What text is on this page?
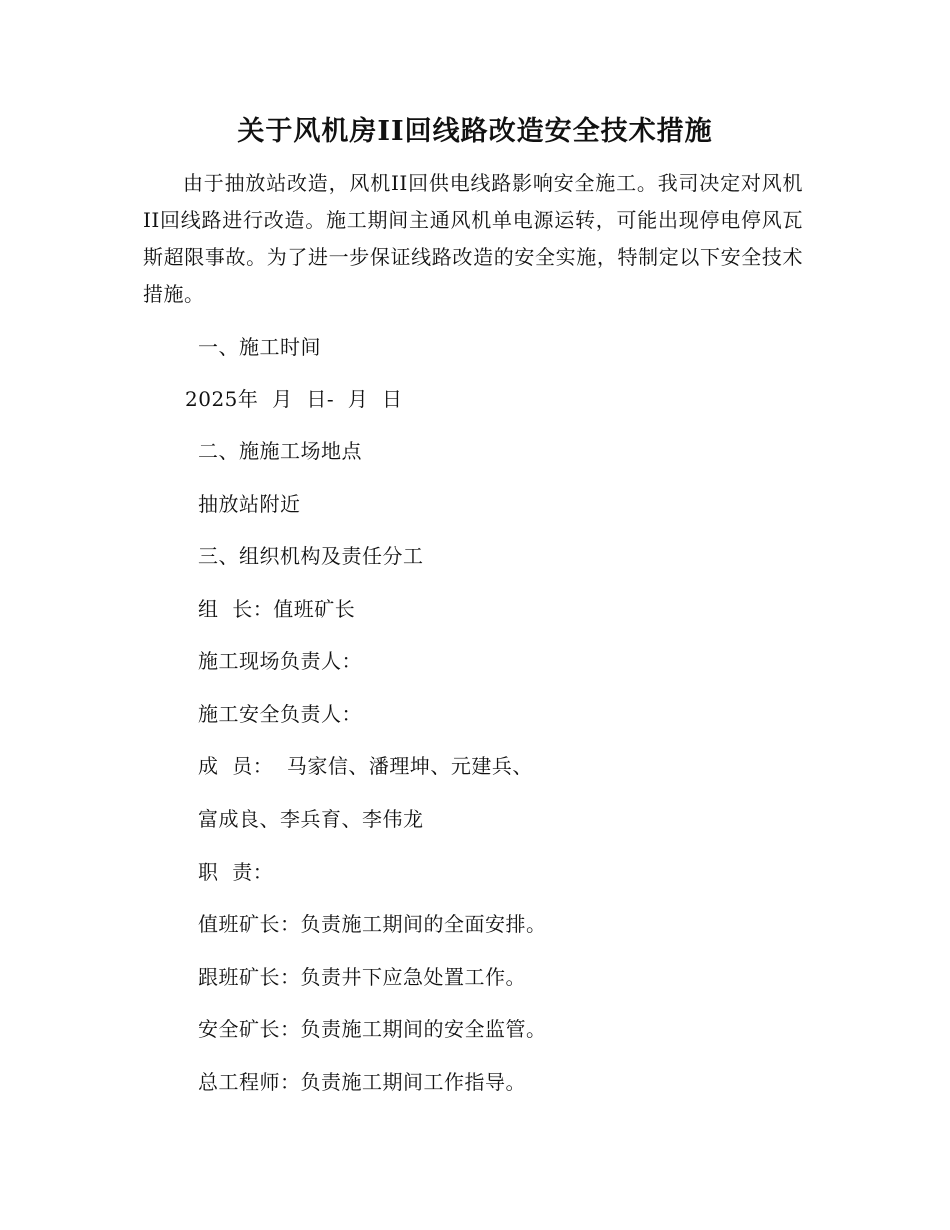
关于风机房II回线路改造安全技术措施

由于抽放站改造，风机II回供电线路影响安全施工。我司决定对风机II回线路进行改造。施工期间主通风机单电源运转，可能出现停电停风瓦斯超限事故。为了进一步保证线路改造的安全实施，特制定以下安全技术措施。

一、施工时间

2025年  月  日-  月  日

二、施施工场地点

抽放站附近

三、组织机构及责任分工

组  长：值班矿长

施工现场负责人：

施工安全负责人：

成  员：  马家信、潘理坤、元建兵、

富成良、李兵育、李伟龙

职  责：

值班矿长：负责施工期间的全面安排。

跟班矿长：负责井下应急处置工作。

安全矿长：负责施工期间的安全监管。

总工程师：负责施工期间工作指导。
